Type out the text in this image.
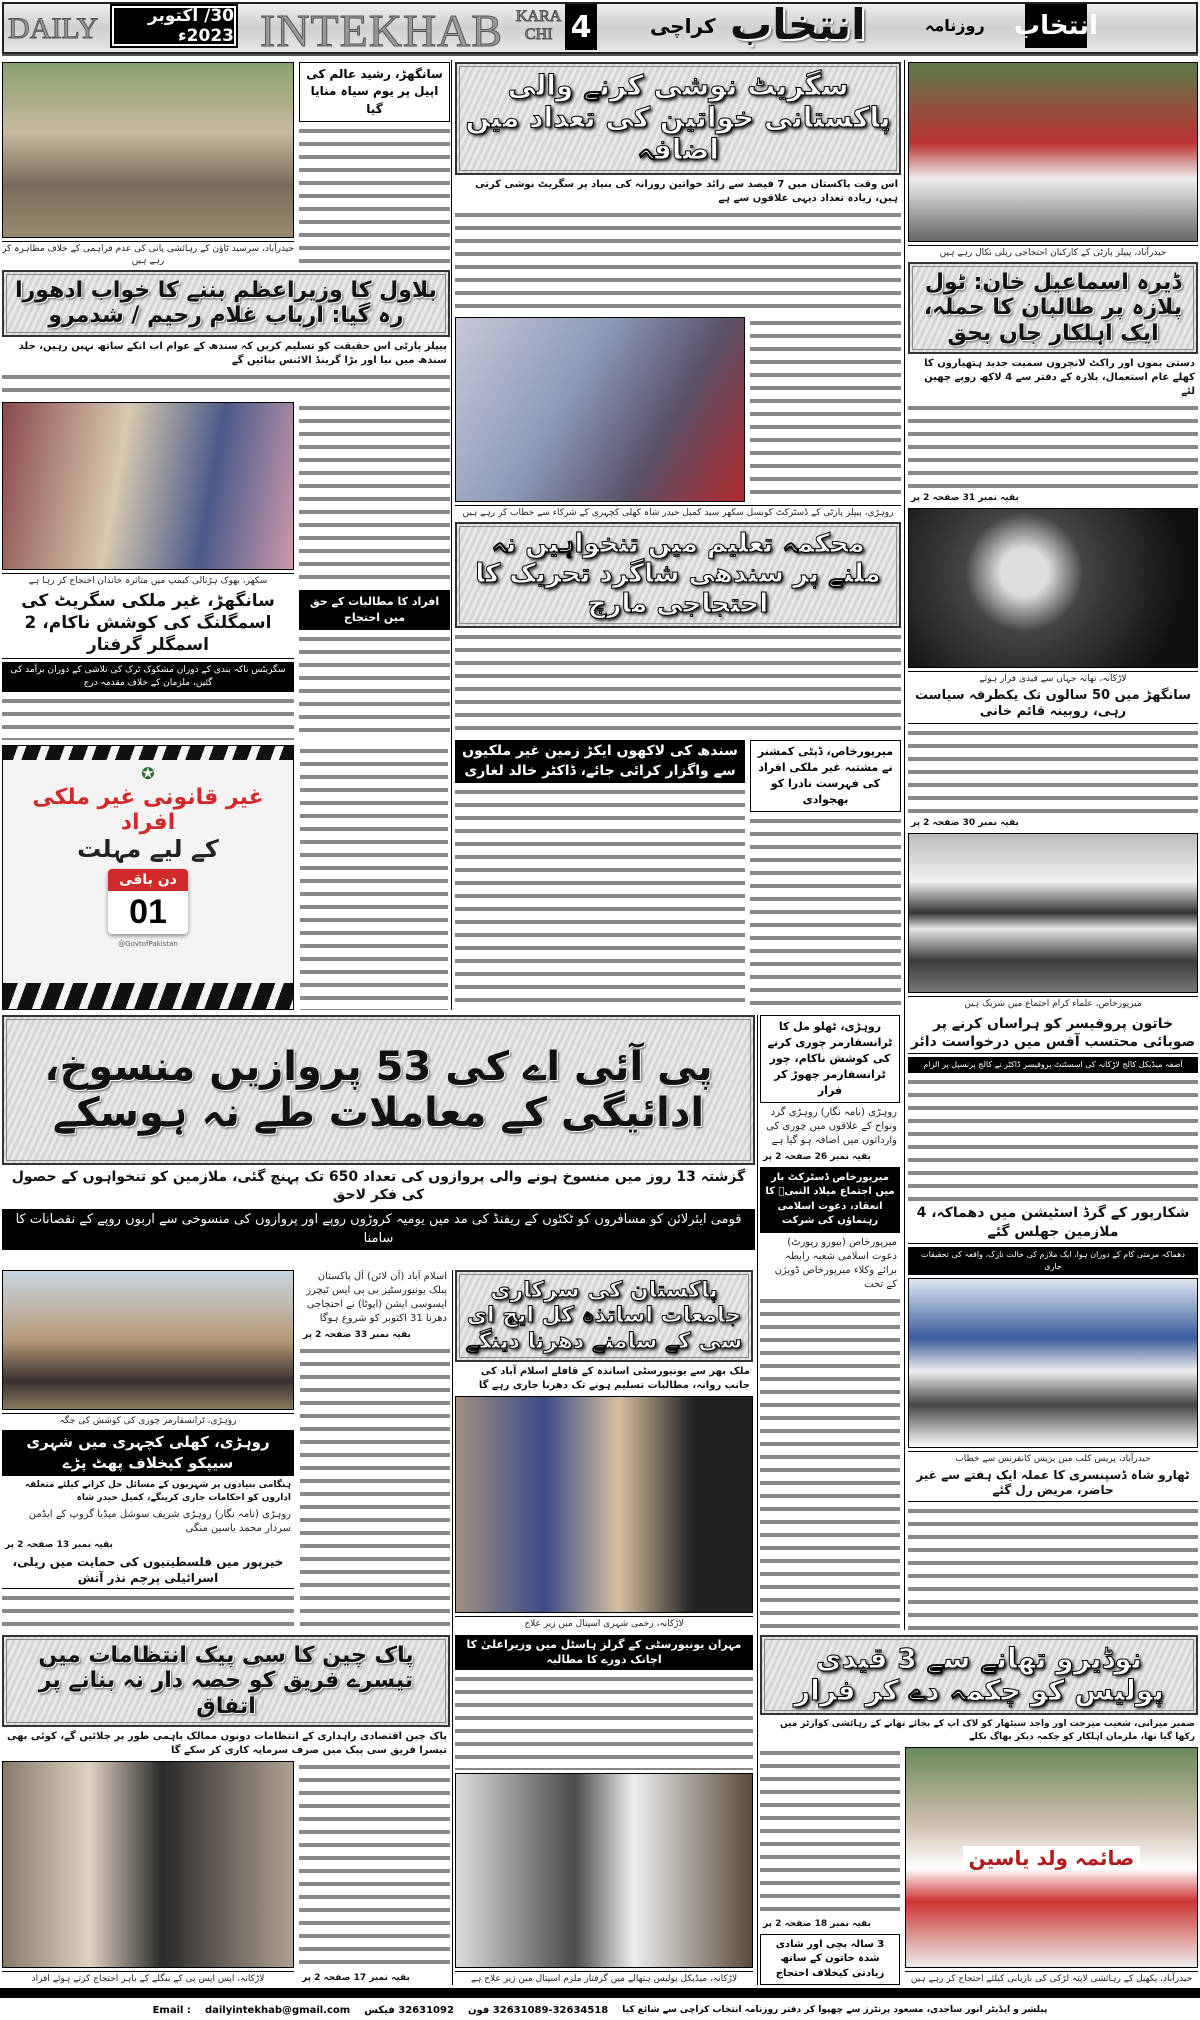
DAILY	30/ اکتوبر 2023ء INTEKHAB KARA
CHI 4	کراچی انتخاب	روزنامہ انتخاب
حیدرآباد، سرسید ٹاؤن کے رہائشی پانی کی عدم فراہمی کے خلاف مظاہرہ کر رہے ہیں
سانگھڑ، رشید عالم کی اپیل پر یوم سیاہ منایا گیا
بلاول کا وزیراعظم بننے کا خواب ادھورا رہ گیا: ارباب غلام رحیم / شدمرو
پیپلز پارٹی اس حقیقت کو تسلیم کریں کہ سندھ کے عوام اب انکے ساتھ نہیں رہیں، جلد سندھ میں نیا اور بڑا گرینڈ الائنس بنائیں گے
سکھر، بھوک ہڑتالی کیمپ میں متاثرہ خاندان احتجاج کر رہا ہے
سانگھڑ، غیر ملکی سگریٹ کی اسمگلنگ کی کوشش ناکام، 2 اسمگلر گرفتار
سگریٹس ناکہ بندی کے دوران مشکوک ٹرک کی تلاشی کے دوران برآمد کی گئیں، ملزمان کے خلاف مقدمہ درج
افراد کا مطالبات کے حق میں احتجاج
✪
غیر قانونی غیر ملکی افراد
کے لیے مہلت
دن باقی
01
@GovtofPakistan
سگریٹ نوشی کرنے والی پاکستانی خواتین کی تعداد میں اضافہ
اس وقت پاکستان میں 7 فیصد سے زائد خواتین روزانہ کی بنیاد پر سگریٹ نوشی کرتی ہیں، زیادہ تعداد دیہی علاقوں سے ہے
روہڑی، پیپلز پارٹی کے ڈسٹرکٹ کونسل سکھر سید کمیل حیدر شاہ کھلی کچہری کے شرکاء سے خطاب کر رہے ہیں
محکمہ تعلیم میں تنخواہیں نہ ملنے پر سندھی شاگرد تحریک کا احتجاجی مارچ
سندھ کی لاکھوں ایکڑ زمین غیر ملکیوں سے واگزار کرائی جائے، ڈاکٹر خالد لغاری
میرپورخاص، ڈپٹی کمشنر نے مشتبہ غیر ملکی افراد کی فہرست نادرا کو بھجوادی
حیدرآباد، پیپلز پارٹی کے کارکنان احتجاجی ریلی نکال رہے ہیں
ڈیرہ اسماعیل خان: ٹول پلازہ پر طالبان کا حملہ، ایک اہلکار جاں بحق
دستی بموں اور راکٹ لانچروں سمیت جدید ہتھیاروں کا کھلے عام استعمال، پلازہ کے دفتر سے 4 لاکھ روپے چھین لئے
بقیہ نمبر 31 صفحہ 2 پر
لاڑکانہ، تھانہ جہاں سے قیدی فرار ہوئے
سانگھڑ میں 50 سالوں تک یکطرفہ سیاست رہی، روبینہ قائم خانی
بقیہ نمبر 30 صفحہ 2 پر
میرپورخاص، علماء کرام اجتماع میں شریک ہیں
پی آئی اے کی 53 پروازیں منسوخ، ادائیگی کے معاملات طے نہ ہوسکے
گزشتہ 13 روز میں منسوخ ہونے والی پروازوں کی تعداد 650 تک پہنچ گئی، ملازمین کو تنخواہوں کے حصول کی فکر لاحق
قومی ایئرلائن کو مسافروں کو ٹکٹوں کے ریفنڈ کی مد میں یومیہ کروڑوں روپے اور پروازوں کی منسوخی سے اربوں روپے کے نقصانات کا سامنا
روہڑی، ٹھلو مل کا ٹرانسفارمر چوری کرنے کی کوشش ناکام، چور ٹرانسفارمر چھوڑ کر فرار
روہڑی (نامہ نگار) روہڑی گرد ونواح کے علاقوں میں چوری کی وارداتوں میں اضافہ ہو گیا ہے
بقیہ نمبر 26 صفحہ 2 پر
میرپورخاص ڈسٹرکٹ بار میں اجتماع میلاد النبیؐ کا انعقاد، دعوت اسلامی رہنماؤں کی شرکت
میرپورخاص (بیورو رپورٹ) دعوت اسلامی شعبہ رابطہ برائے وکلاء میرپورخاص ڈویژن کے تحت
خاتون پروفیسر کو ہراساں کرنے پر صوبائی محتسب آفس میں درخواست دائر
آصفہ میڈیکل کالج لاڑکانہ کی اسسٹنٹ پروفیسر ڈاکٹر نے کالج پرنسپل پر الزام
شکارپور کے گرڈ اسٹیشن میں دھماکہ، 4 ملازمین جھلس گئے
دھماکہ مرمتی کام کے دوران ہوا، ایک ملازم کی حالت نازک، واقعہ کی تحقیقات جاری
حیدرآباد، پریس کلب میں پریس کانفرنس سے خطاب
ٹھارو شاہ ڈسپنسری کا عملہ ایک ہفتے سے غیر حاضر، مریض رل گئے
روہڑی، ٹرانسفارمر چوری کی کوشش کی جگہ
روہڑی، کھلی کچہری میں شہری سیپکو کیخلاف پھٹ پڑے
ہنگامی بنیادوں پر شہریوں کے مسائل حل کرانے کیلئے متعلقہ اداروں کو احکامات جاری کرینگے، کمیل حیدر شاہ
روہڑی (نامہ نگار) روہڑی شریف سوشل میڈیا گروپ کے ایڈمن سردار محمد یاسین منگی
بقیہ نمبر 13 صفحہ 2 پر
خیرپور میں فلسطینیوں کی حمایت میں ریلی، اسرائیلی پرچم نذر آتش
اسلام آباد (آن لائن) آل پاکستان پبلک یونیورسٹیز بی پی ایس ٹیچرز ایسوسی ایشن (اپوٹا) نے احتجاجی دھرنا 31 اکتوبر کو شروع ہوگا
بقیہ نمبر 33 صفحہ 2 پر
پاکستان کی سرکاری جامعات اساتذہ کل ایچ ای سی کے سامنے دھرنا دینگے
ملک بھر سے یونیورسٹی اساتذہ کے قافلے اسلام آباد کی جانب روانہ، مطالبات تسلیم ہونے تک دھرنا جاری رہے گا
لاڑکانہ، زخمی شہری اسپتال میں زیر علاج
پاک چین کا سی پیک انتظامات میں تیسرے فریق کو حصہ دار نہ بنانے پر اتفاق
پاک چین اقتصادی راہداری کے انتظامات دونوں ممالک باہمی طور پر چلائیں گے، کوئی بھی تیسرا فریق سی پیک میں صرف سرمایہ کاری کر سکے گا
لاڑکانہ، ایس ایس پی کے بنگلے کے باہر احتجاج کرتے ہوئے افراد	بقیہ نمبر 17 صفحہ 2 پر
مہران یونیورسٹی کے گرلز ہاسٹل میں وزیراعلیٰ کا اچانک دورے کا مطالبہ
لاڑکانہ، میڈیکل پولیس ہتھالے میں گرفتار ملزم اسپتال میں زیر علاج ہے
نوڈیرو تھانے سے 3 قیدی پولیس کو چکمہ دے کر فرار
ضمیر میرانی، شعیب میرجت اور واجد سیٹھار کو لاک اپ کے بجائے تھانے کے رہائشی کوارٹر میں رکھا گیا تھا، ملزمان اہلکار کو چکمہ دیکر بھاگ نکلے
بقیہ نمبر 18 صفحہ 2 پر
3 سالہ بچی اور شادی شدہ خاتون کے ساتھ زیادتی کیخلاف احتجاج
صائمہ ولد یاسین
حیدرآباد، پکھیل کے رہائشی لاپتہ لڑکی کی بازیابی کیلئے احتجاج کر رہے ہیں
Email : dailyintekhab@gmail.com 32631092 فیکس 32631089-32634518 فون پبلشر و ایڈیٹر انور ساجدی، مسعود پرنٹرز سے چھپوا کر دفتر روزنامہ انتخاب کراچی سے شائع کیا
